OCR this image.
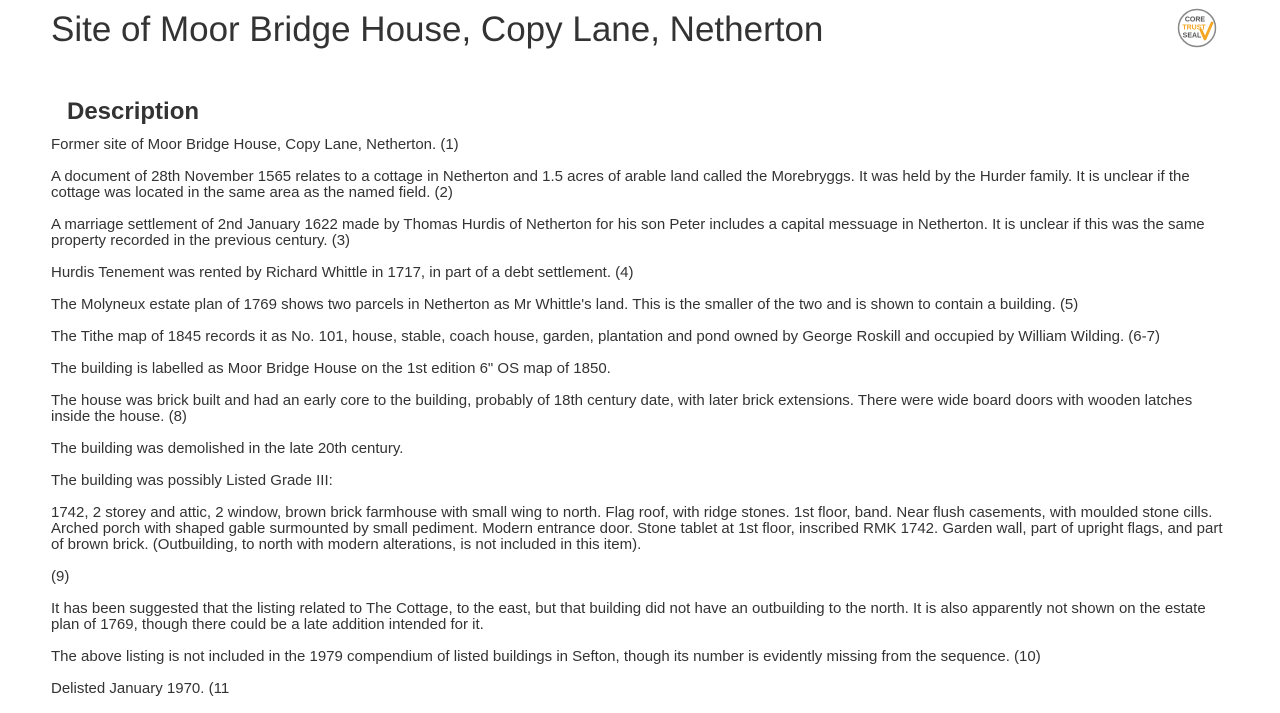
Site of Moor Bridge House, Copy Lane, Netherton	CORE
TRUST
SEAL
Description

Former site of Moor Bridge House, Copy Lane, Netherton. (1)

A document of 28th November 1565 relates to a cottage in Netherton and 1.5 acres of arable land called the Morebryggs. It was held by the Hurder family. It is unclear if the cottage was located in the same area as the named field. (2)

A marriage settlement of 2nd January 1622 made by Thomas Hurdis of Netherton for his son Peter includes a capital messuage in Netherton. It is unclear if this was the same property recorded in the previous century. (3)

Hurdis Tenement was rented by Richard Whittle in 1717, in part of a debt settlement. (4)

The Molyneux estate plan of 1769 shows two parcels in Netherton as Mr Whittle's land. This is the smaller of the two and is shown to contain a building. (5)

The Tithe map of 1845 records it as No. 101, house, stable, coach house, garden, plantation and pond owned by George Roskill and occupied by William Wilding. (6-7)

The building is labelled as Moor Bridge House on the 1st edition 6" OS map of 1850.

The house was brick built and had an early core to the building, probably of 18th century date, with later brick extensions. There were wide board doors with wooden latches inside the house. (8)

The building was demolished in the late 20th century.

The building was possibly Listed Grade III:

1742, 2 storey and attic, 2 window, brown brick farmhouse with small wing to north. Flag roof, with ridge stones. 1st floor, band. Near flush casements, with moulded stone cills. Arched porch with shaped gable surmounted by small pediment. Modern entrance door. Stone tablet at 1st floor, inscribed RMK 1742. Garden wall, part of upright flags, and part of brown brick. (Outbuilding, to north with modern alterations, is not included in this item).

(9)

It has been suggested that the listing related to The Cottage, to the east, but that building did not have an outbuilding to the north. It is also apparently not shown on the estate plan of 1769, though there could be a late addition intended for it.

The above listing is not included in the 1979 compendium of listed buildings in Sefton, though its number is evidently missing from the sequence. (10)

Delisted January 1970. (11
